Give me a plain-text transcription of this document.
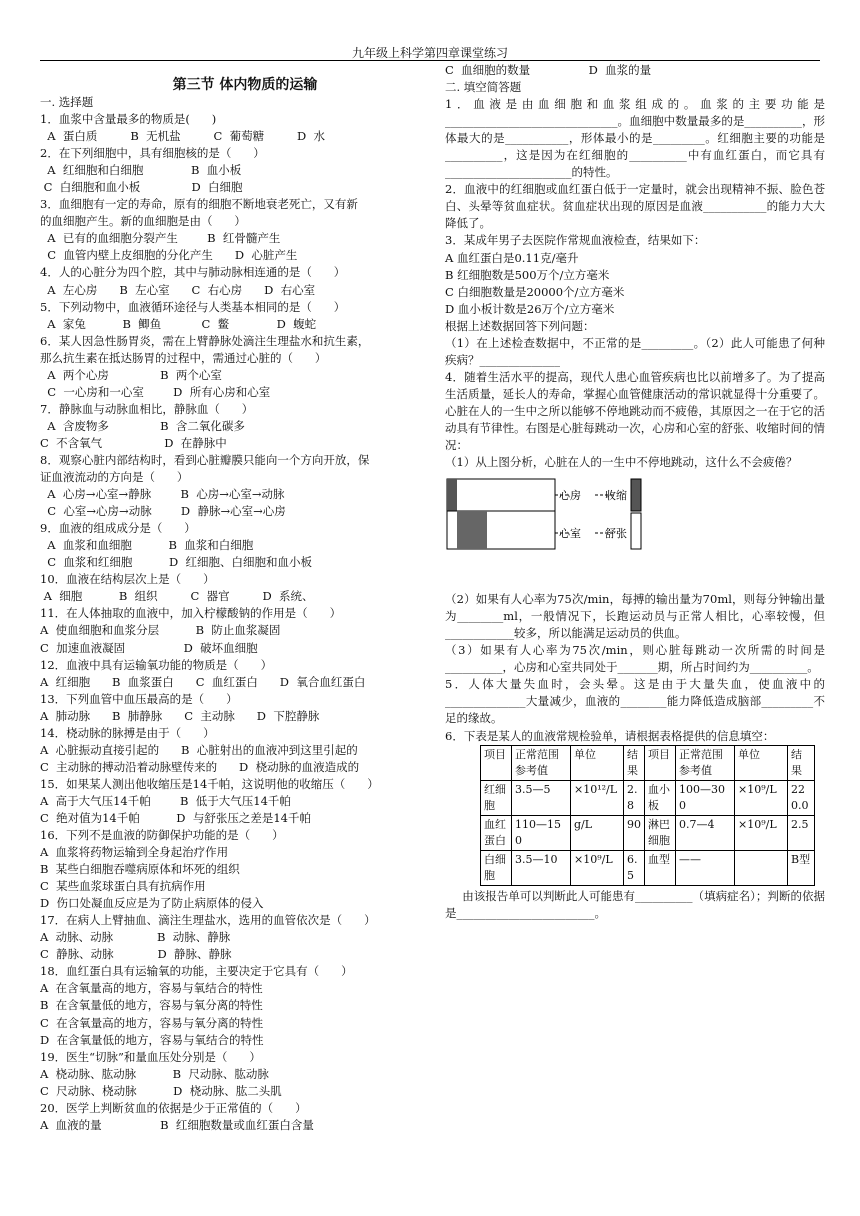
九年级上科学第四章课堂练习
第三节 体内物质的运输
一. 选择题
1．血浆中含量最多的物质是(      )
A  蛋白质         B  无机盐         C  葡萄糖         D  水
2．在下列细胞中，具有细胞核的是（      ）
A  红细胞和白细胞             B  血小板
C  白细胞和血小板              D  白细胞
3．血细胞有一定的寿命，原有的细胞不断地衰老死亡，又有新
的血细胞产生。新的血细胞是由（      ）
A  已有的血细胞分裂产生        B  红骨髓产生
C  血管内壁上皮细胞的分化产生      D  心脏产生
4．人的心脏分为四个腔，其中与肺动脉相连通的是（      ）
A  左心房      B  左心室      C  右心房      D  右心室
5．下列动物中，血液循环途径与人类基本相同的是（      ）
A  家兔          B  鲫鱼           C  鳖             D  蝮蛇
6．某人因急性肠胃炎，需在上臂静脉处滴注生理盐水和抗生素，
那么抗生素在抵达肠胃的过程中，需通过心脏的（      ）
A  两个心房              B  两个心室
C  一心房和一心室        D  所有心房和心室
7．静脉血与动脉血相比，静脉血（      ）
A  含废物多              B  含二氧化碳多
C  不含氧气                 D  在静脉中
8．观察心脏内部结构时，看到心脏瓣膜只能向一个方向开放，保
证血液流动的方向是（      ）
A  心房→心室→静脉        B  心房→心室→动脉
C  心室→心房→动脉        D  静脉→心室→心房
9．血液的组成成分是（      ）
A  血浆和血细胞          B  血浆和白细胞
C  血浆和红细胞          D  红细胞、白细胞和血小板
10．血液在结构层次上是（      ）
A  细胞          B  组织         C  器官         D  系统、
11．在人体抽取的血液中，加入柠檬酸钠的作用是（      ）
A  使血细胞和血浆分层          B  防止血浆凝固
C  加速血液凝固                D  破坏血细胞
12．血液中具有运输氧功能的物质是（      ）
A  红细胞      B  血浆蛋白      C  血红蛋白      D  氧合血红蛋白
13．下列血管中血压最高的是（      ）
A  肺动脉      B  肺静脉      C  主动脉      D  下腔静脉
14．桡动脉的脉搏是由于（      ）
A  心脏振动直接引起的      B  心脏射出的血液冲到这里引起的
C  主动脉的搏动沿着动脉壁传来的      D  桡动脉的血液造成的
15．如果某人测出他收缩压是14千帕，这说明他的收缩压（      ）
A  高于大气压14千帕        B  低于大气压14千帕
C  绝对值为14千帕          D  与舒张压之差是14千帕
16．下列不是血液的防御保护功能的是（      ）
A  血浆将药物运输到全身起治疗作用
B  某些白细胞吞噬病原体和坏死的组织
C  某些血浆球蛋白具有抗病作用
D  伤口处凝血反应是为了防止病原体的侵入
17．在病人上臂抽血、滴注生理盐水，选用的血管依次是（      ）
A  动脉、动脉            B  动脉、静脉
C  静脉、动脉            D  静脉、静脉
18．血红蛋白具有运输氧的功能，主要决定于它具有（      ）
A  在含氧量高的地方，容易与氧结合的特性
B  在含氧量低的地方，容易与氧分离的特性
C  在含氧量高的地方，容易与氧分离的特性
D  在含氧量低的地方，容易与氧结合的特性
19．医生“切脉”和量血压处分别是（      ）
A  桡动脉、肱动脉          B  尺动脉、肱动脉
C  尺动脉、桡动脉          D  桡动脉、肱二头肌
20．医学上判断贫血的依据是少于正常值的（      ）
A  血液的量                B  红细胞数量或血红蛋白含量
C  血细胞的数量                D  血浆的量
二. 填空简答题
1．血液是由血细胞和血浆组成的。血浆的主要功能是______________________________。血细胞中数量最多的是__________，形体最大的是___________，形体最小的是_________。红细胞主要的功能是__________，这是因为在红细胞的__________中有血红蛋白，而它具有______________________的特性。
2．血液中的红细胞或血红蛋白低于一定量时，就会出现精神不振、脸色苍白、头晕等贫血症状。贫血症状出现的原因是血液___________的能力大大降低了。
3．某成年男子去医院作常规血液检查，结果如下：
A 血红蛋白是0.11克/毫升
B 红细胞数是500万个/立方毫米
C 白细胞数量是20000个/立方毫米
D 血小板计数是26万个/立方毫米
根据上述数据回答下列问题：
（1）在上述检查数据中，不正常的是_________。（2）此人可能患了何种疾病？______________
4．随着生活水平的提高，现代人患心血管疾病也比以前增多了。为了提高生活质量，延长人的寿命，掌握心血管健康活动的常识就显得十分重要了。心脏在人的一生中之所以能够不停地跳动而不疲倦，其原因之一在于它的活动具有节律性。右图是心脏每跳动一次，心房和心室的舒张、收缩时间的情况：
（1）从上图分析，心脏在人的一生中不停地跳动，这什么不会疲倦？
心房 收缩
心室 舒张
（2）如果有人心率为75次/min，每搏的输出量为70ml，则每分钟输出量为________ml，一般情况下，长跑运动员与正常人相比，心率较慢，但____________较多，所以能满足运动员的供血。
（3）如果有人心率为75次/min，则心脏每跳动一次所需的时间是__________，心房和心室共同处于_______期，所占时间约为__________。
5．人体大量失血时，会头晕。这是由于大量失血，使血液中的______________大量减少，血液的________能力降低造成脑部_________不足的缘故。
6．下表是某人的血液常规检验单，请根据表格提供的信息填空：
项目	正常范围参考值	单位	结果	项目	正常范围参考值	单位	结果
红细胞	3.5—5	×10¹²/L	2.8	血小板	100—300	×10⁹/L	220.0
血红蛋白	110—150	g/L	90	淋巴细胞	0.7—4	×10⁹/L	2.5
白细胞	3.5—10	×10⁹/L	6.5	血型	——		B型
由该报告单可以判断此人可能患有__________（填病症名）；判断的依据是________________________。
